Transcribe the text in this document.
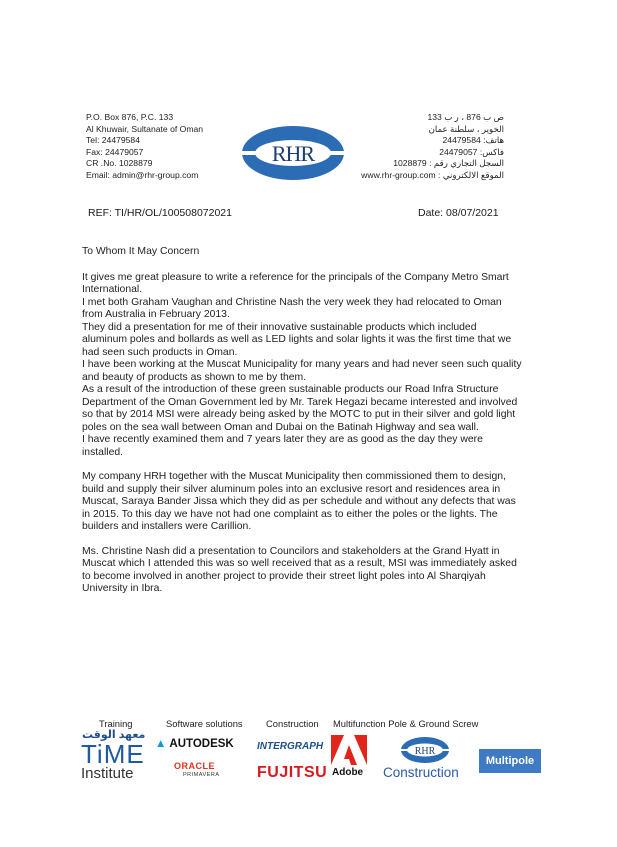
P.O. Box 876, P.C. 133
Al Khuwair, Sultanate of Oman
Tel: 24479584
Fax: 24479057
CR .No. 1028879
Email: admin@rhr-group.com
RHR
ص ب 876 ، ر ب 133
الخوير ، سلطنة عمان
هاتف: 24479584
فاكس: 24479057
السجل التجاري رقم : 1028879
الموقع الالكتروني : www.rhr-group.com
REF: TI/HR/OL/100508072021	Date: 08/07/2021

To Whom It May Concern

It gives me great pleasure to write a reference for the principals of the Company Metro Smart International.

I met both Graham Vaughan and Christine Nash the very week they had relocated to Oman from Australia in February 2013.

They did a presentation for me of their innovative sustainable products which included aluminum poles and bollards as well as LED lights and solar lights it was the first time that we had seen such products in Oman.

I have been working at the Muscat Municipality for many years and had never seen such quality and beauty of products as shown to me by them.

As a result of the introduction of these green sustainable products our Road Infra Structure Department of the Oman Government led by Mr. Tarek Hegazi became interested and involved so that by 2014 MSI were already being asked by the MOTC to put in their silver and gold light poles on the sea wall between Oman and Dubai on the Batinah Highway and sea wall.

I have recently examined them and 7 years later they are as good as the day they were installed.

My company HRH together with the Muscat Municipality then commissioned them to design, build and supply their silver aluminum poles into an exclusive resort and residences area in Muscat, Saraya Bander Jissa which they did as per schedule and without any defects that was in 2015. To this day we have not had one complaint as to either the poles or the lights. The builders and installers were Carillion.

Ms. Christine Nash did a presentation to Councilors and stakeholders at the Grand Hyatt in Muscat which I attended this was so well received that as a result, MSI was immediately asked to become involved in another project to provide their street light poles into Al Sharqiyah University in Ibra.

Training	Software solutions Construction Multifunction Pole & Ground Screw
معهد الوقت
TiME
Institute
▲ AUTODESK
ORACLE
PRIMAVERA
INTERGRAPH
FUJITSU Adobe
RHR
Construction
Multipole
